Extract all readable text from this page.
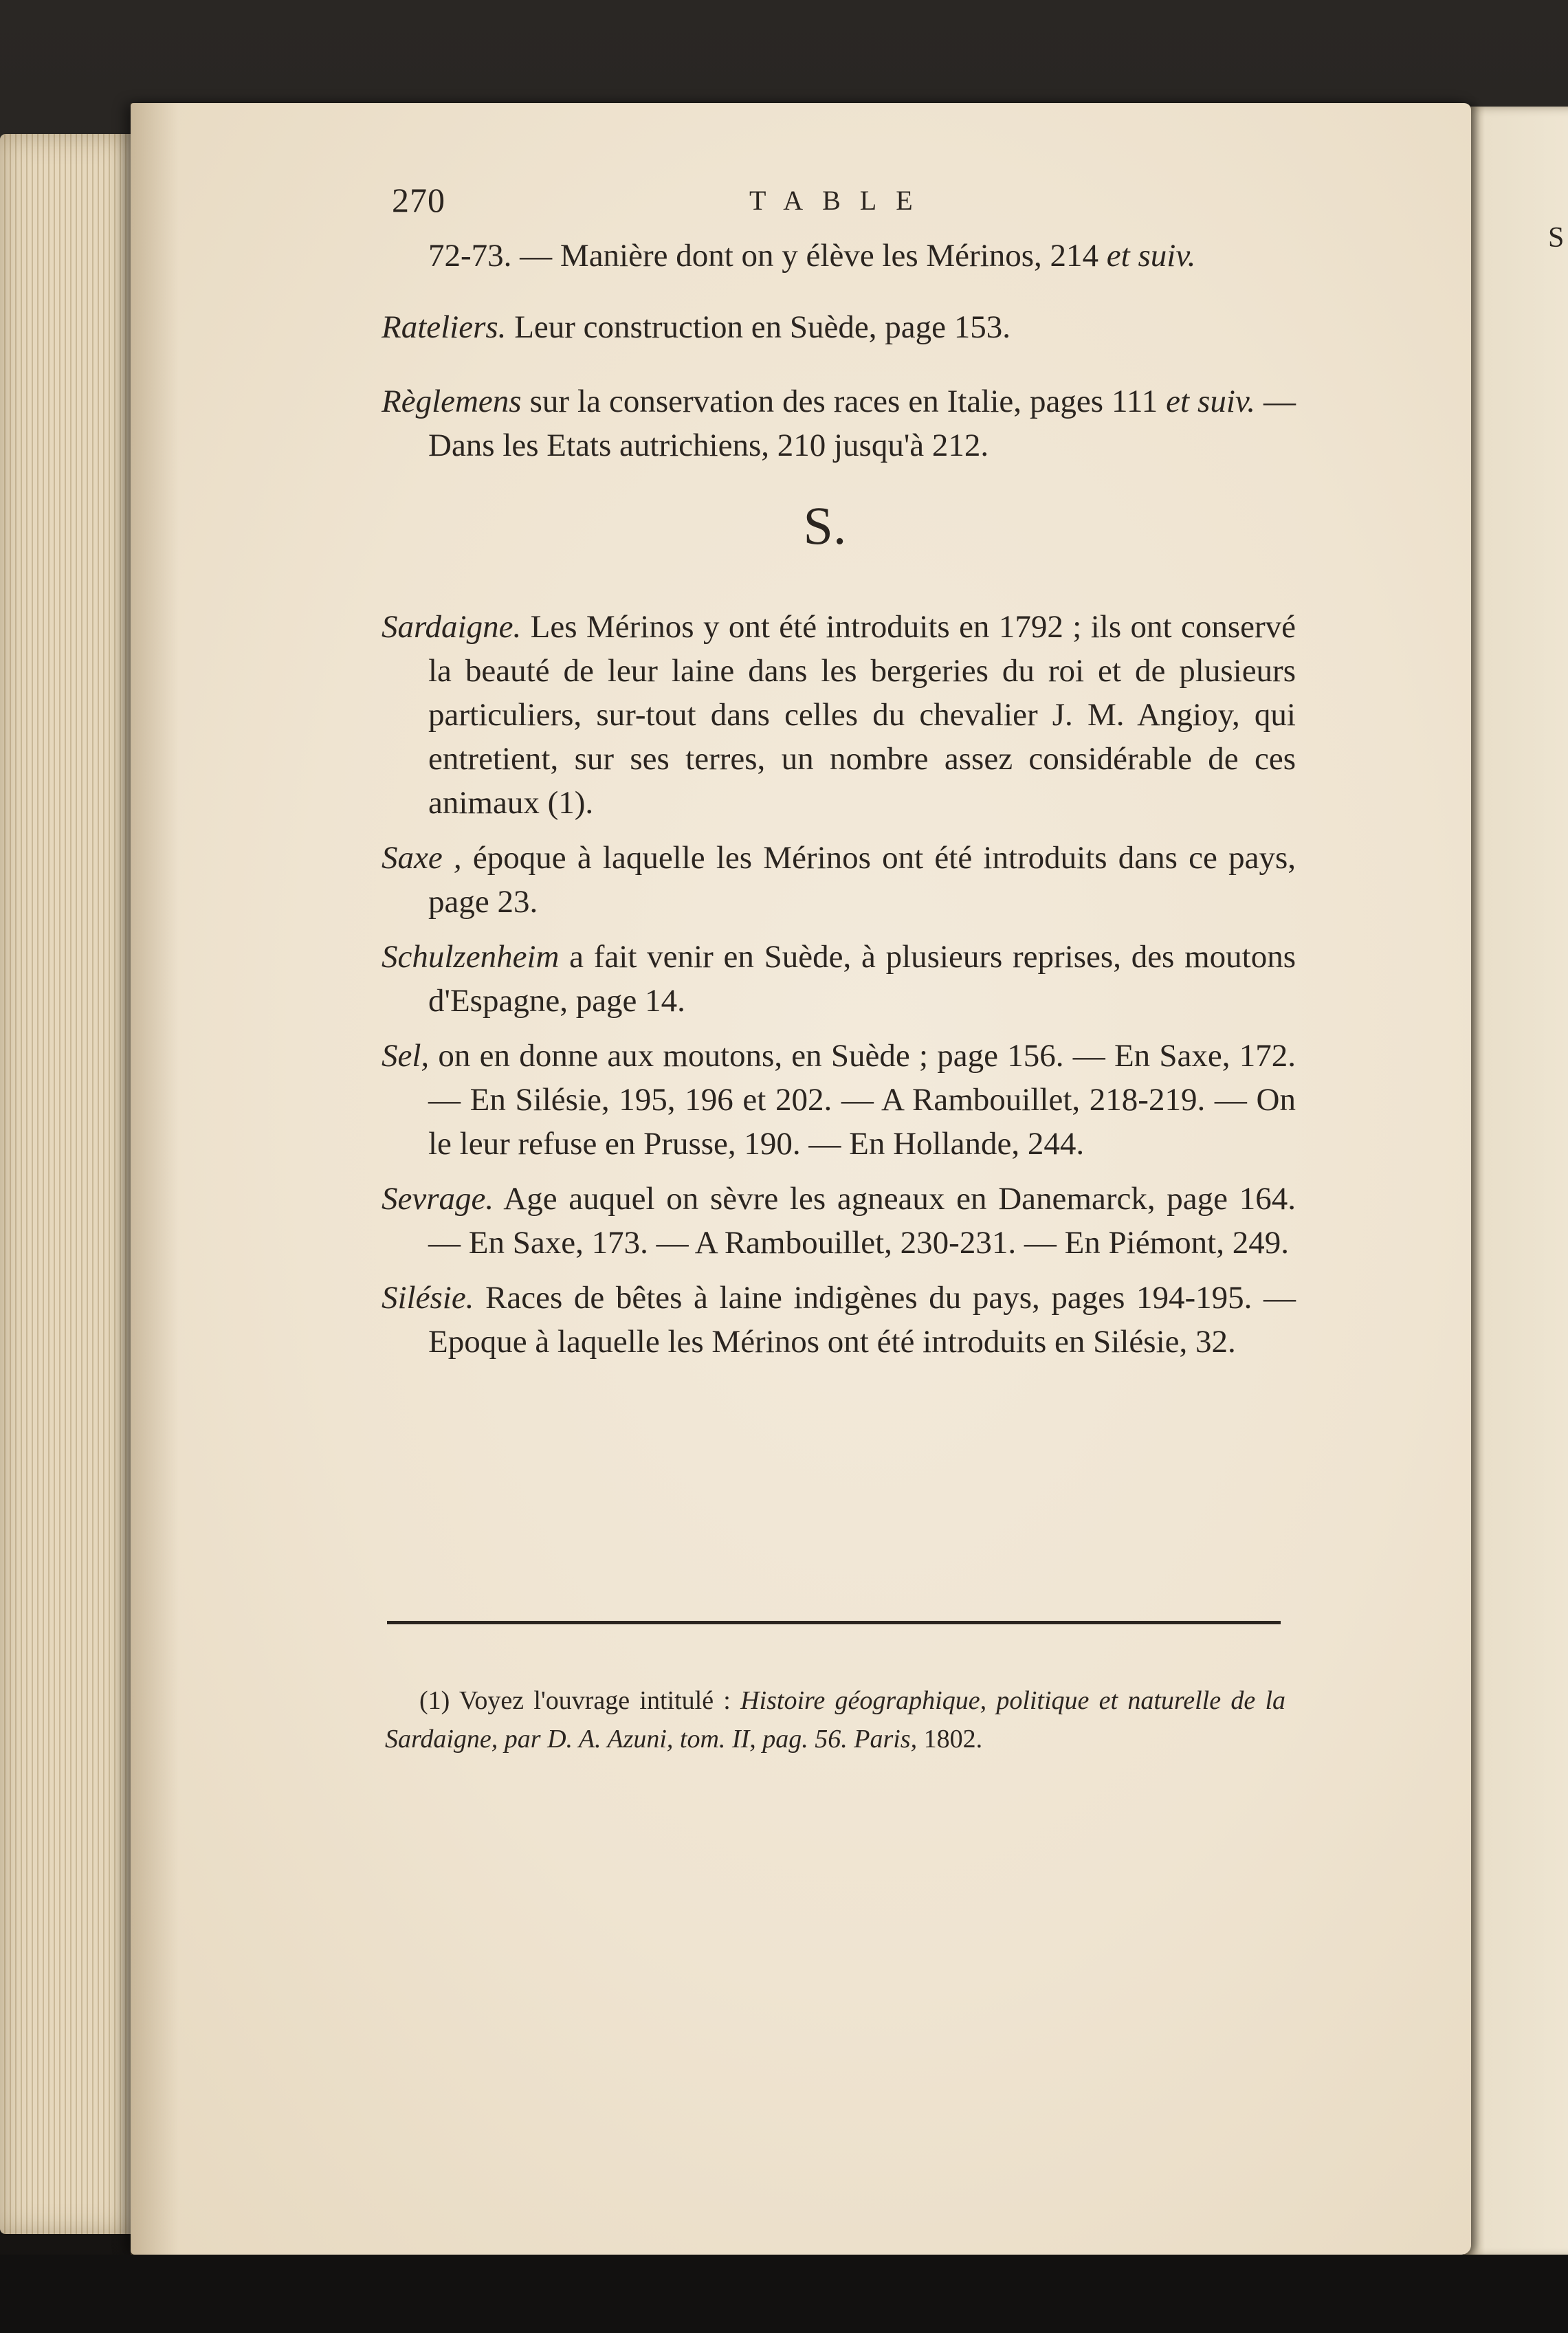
S
270	TABLE

72-73. — Manière dont on y élève les Mérinos, 214 et suiv.

Rateliers. Leur construction en Suède, page 153.

Règlemens sur la conservation des races en Italie, pages 111 et suiv. — Dans les Etats autrichiens, 210 jusqu'à 212.

S.

Sardaigne. Les Mérinos y ont été introduits en 1792 ; ils ont conservé la beauté de leur laine dans les bergeries du roi et de plusieurs particuliers, sur-tout dans celles du chevalier J. M. Angioy, qui entretient, sur ses terres, un nombre assez considérable de ces animaux (1).

Saxe , époque à laquelle les Mérinos ont été introduits dans ce pays, page 23.

Schulzenheim a fait venir en Suède, à plusieurs reprises, des moutons d'Espagne, page 14.

Sel, on en donne aux moutons, en Suède ; page 156. — En Saxe, 172. — En Silésie, 195, 196 et 202. — A Rambouillet, 218-219. — On le leur refuse en Prusse, 190. — En Hollande, 244.

Sevrage. Age auquel on sèvre les agneaux en Danemarck, page 164. — En Saxe, 173. — A Rambouillet, 230-231. — En Piémont, 249.

Silésie. Races de bêtes à laine indigènes du pays, pages 194-195. — Epoque à laquelle les Mérinos ont été introduits en Silésie, 32.

(1) Voyez l'ouvrage intitulé : Histoire géographique, politique et naturelle de la Sardaigne, par D. A. Azuni, tom. II, pag. 56. Paris, 1802.
